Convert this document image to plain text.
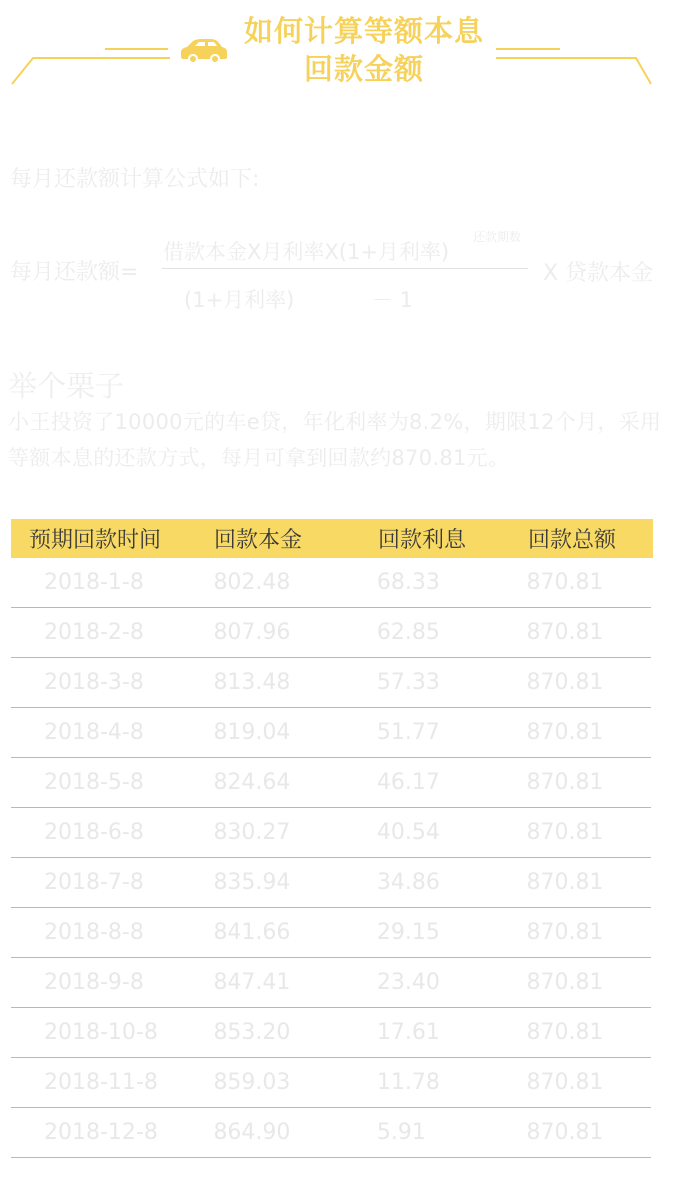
如何计算等额本息
回款金额
每月还款额计算公式如下:
每月还款额=
借款本金X月利率X(1+月利率)
还款期数
(1+月利率)	－ 1
X 贷款本金
举个栗子
小王投资了10000元的车e贷，年化利率为8.2%，期限12个月，采用等额本息的还款方式，每月可拿到回款约870.81元。
预期回款时间	回款本金	回款利息	回款总额
2018-1-8	802.48	68.33	870.81
2018-2-8	807.96	62.85	870.81
2018-3-8	813.48	57.33	870.81
2018-4-8	819.04	51.77	870.81
2018-5-8	824.64	46.17	870.81
2018-6-8	830.27	40.54	870.81
2018-7-8	835.94	34.86	870.81
2018-8-8	841.66	29.15	870.81
2018-9-8	847.41	23.40	870.81
2018-10-8	853.20	17.61	870.81
2018-11-8	859.03	11.78	870.81
2018-12-8	864.90	5.91	870.81
